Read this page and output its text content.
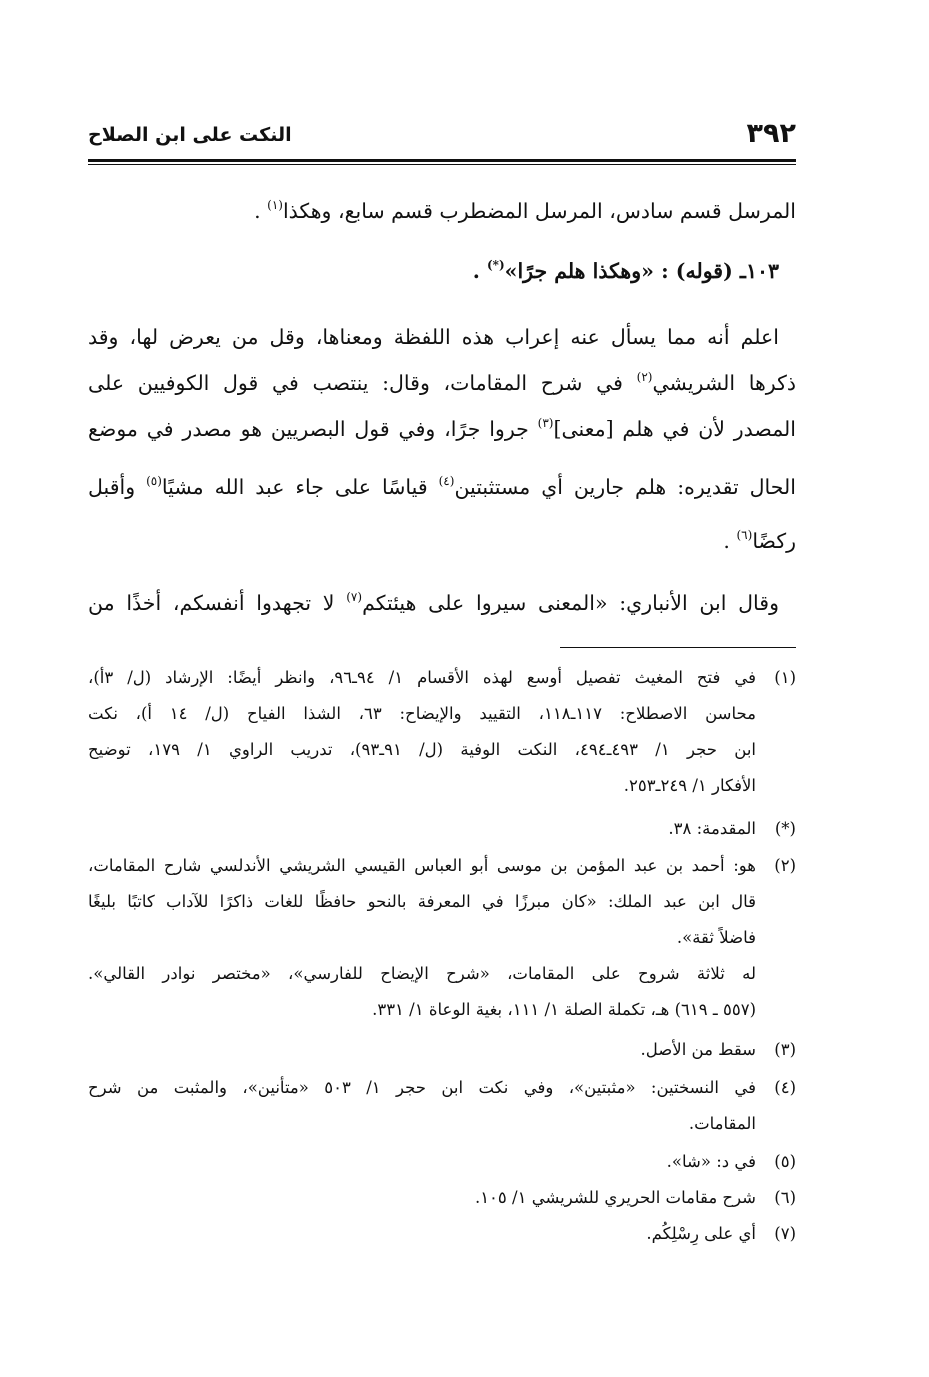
النكت على ابن الصلاح	٣٩٢
المرسل قسم سادس، المرسل المضطرب قسم سابع، وهكذا$^{(١)}$ .
١٠٣ـ (قوله) : «وهكذا هلم جرًا»(*) .
اعلم أنه مما يسأل عنه إعراب هذه اللفظة ومعناها، وقل من يعرض لها، وقد
ذكرها الشريشي$^{(٢)}$ في شرح المقامات، وقال: ينتصب في قول الكوفيين على
المصدر لأن في هلم [معنى]$^{(٣)}$ جروا جرًا، وفي قول البصريين هو مصدر في موضع
الحال تقديره: هلم جارين أي مستثبتين$^{(٤)}$ قياسًا على جاء عبد الله مشيًا$^{(٥)}$ وأقبل
ركضًا$^{(٦)}$ .
وقال ابن الأنباري: «المعنى سيروا على هيئتكم$^{(٧)}$ لا تجهدوا أنفسكم، أخذًا من
(١)في فتح المغيث تفصيل أوسع لهذه الأقسام ١/ ٩٤ـ٩٦، وانظر أيضًا: الإرشاد (ل/ ٣أ)،
محاسن الاصطلاح: ١١٧ـ١١٨، التقييد والإيضاح: ٦٣، الشذا الفياح (ل/ ١٤ أ)، نكت
ابن حجر ١/ ٤٩٣ـ٤٩٤، النكت الوفية (ل/ ٩١ـ٩٣)، تدريب الراوي ١/ ١٧٩، توضيح
الأفكار ١/ ٢٤٩ـ٢٥٣.
(*)المقدمة: ٣٨.
(٢)هو: أحمد بن عبد المؤمن بن موسى أبو العباس القيسي الشريشي الأندلسي شارح المقامات،
قال ابن عبد الملك: «كان مبرزًا في المعرفة بالنحو حافظًا للغات ذاكرًا للآداب كاتبًا بليغًا
فاضلاً ثقة».
له ثلاثة شروح على المقامات، «شرح الإيضاح للفارسي»، «مختصر نوادر القالي».
(٥٥٧ ـ ٦١٩) هـ، تكملة الصلة ١/ ١١١، بغية الوعاة ١/ ٣٣١.
(٣)سقط من الأصل.
(٤)في النسختين: «مثبتين»، وفي نكت ابن حجر ١/ ٥٠٣ «متأنين»، والمثبت من شرح
المقامات.
(٥)في د: «شا».
(٦)شرح مقامات الحريري للشريشي ١/ ١٠٥.
(٧)أي على رِسْلِكُم.
